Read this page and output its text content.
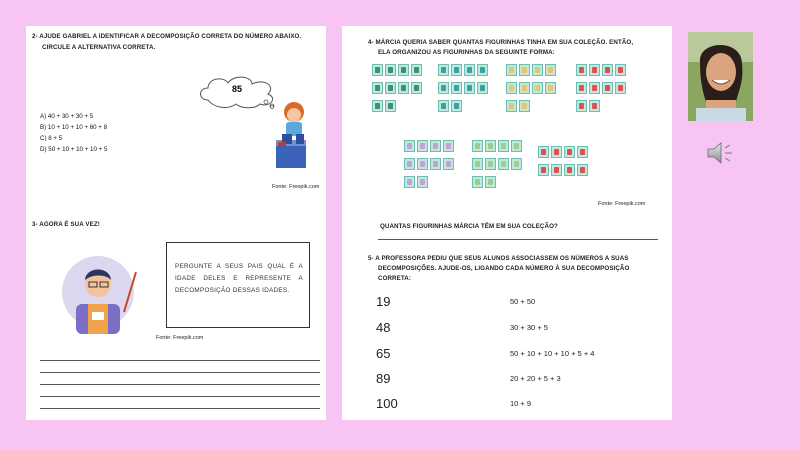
2- AJUDE GABRIEL A IDENTIFICAR A DECOMPOSIÇÃO CORRETA DO NÚMERO ABAIXO.
CIRCULE A ALTERNATIVA CORRETA.
85
A) 40 + 30 + 30 + 5
B) 10 + 10 + 10 + 60 + 8
C) 8 + 5
D) 50 + 10 + 10 + 10 + 5
Fonte: Freepik.com
3- AGORA É SUA VEZ!
PERGUNTE A SEUS PAIS QUAL É A IDADE DELES E REPRESENTE A DECOMPOSIÇÃO DESSAS IDADES.
Fonte: Freepik.com
4- MÁRCIA QUERIA SABER QUANTAS FIGURINHAS TINHA EM SUA COLEÇÃO. ENTÃO,
ELA ORGANIZOU AS FIGURINHAS DA SEGUINTE FORMA:
Fonte: Freepik.com
QUANTAS FIGURINHAS MÁRCIA TÊM EM SUA COLEÇÃO?
5- A PROFESSORA PEDIU QUE SEUS ALUNOS ASSOCIASSEM OS NÚMEROS A SUAS
DECOMPOSIÇÕES. AJUDE-OS, LIGANDO CADA NÚMERO À SUA DECOMPOSIÇÃO
CORRETA:
19
48
65
89
100
50 + 50
30 + 30 + 5
50 + 10 + 10 + 10 + 5 + 4
20 + 20 + 5 + 3
10 + 9
